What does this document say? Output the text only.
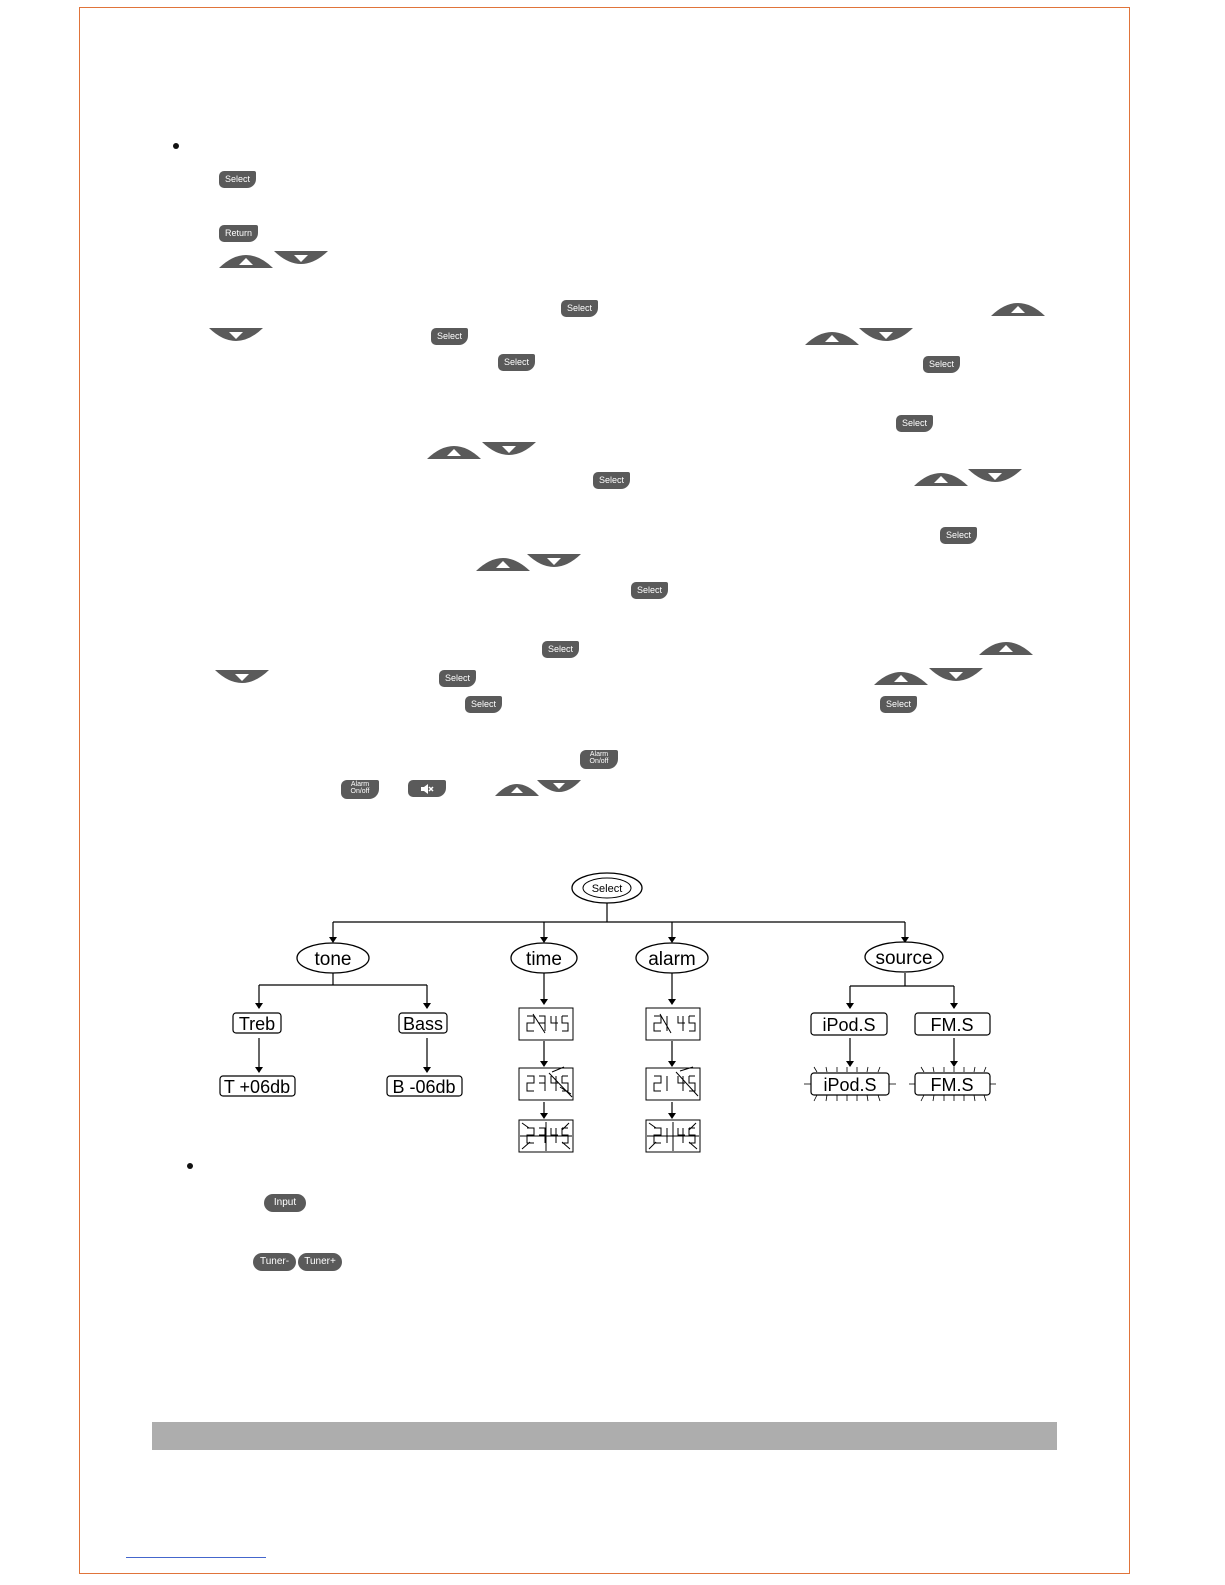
Select
Return
Select
Select
Select	Select
Select
Select
Select
Select
Select
Select
Select	Select
Alarm
On/off
Alarm
On/off
Select
tone	time	alarm	source
Treb	Bass
T +06db	B -06db
iPod.S	FM.S
iPod.S	FM.S
Input
Tuner-	Tuner+
